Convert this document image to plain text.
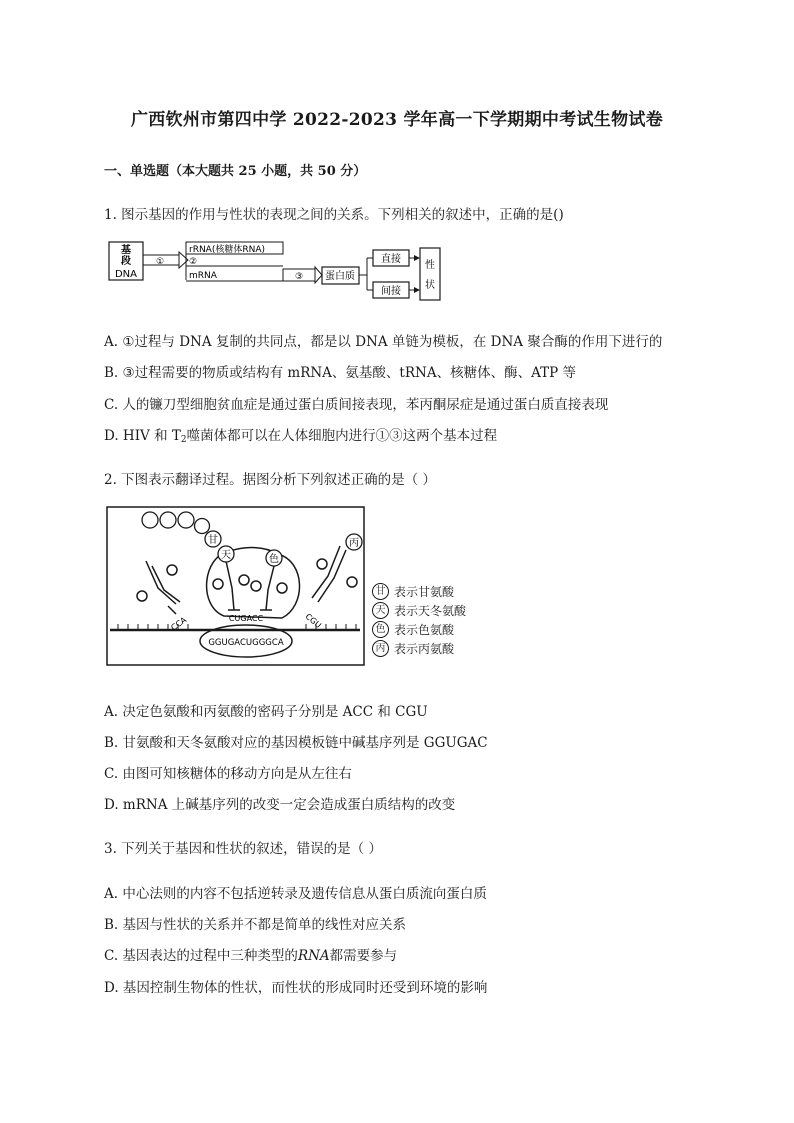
广西钦州市第四中学 2022-2023 学年高一下学期期中考试生物试卷
一、单选题（本大题共 25 小题，共 50 分）
1. 图示基因的作用与性状的表现之间的关系。下列相关的叙述中，正确的是()
基
段
DNA
①
rRNA(核糖体RNA)
②
mRNA	③ 蛋白质
直接
间接
性
状
A. ①过程与 DNA 复制的共同点，都是以 DNA 单链为模板，在 DNA 聚合酶的作用下进行的
B. ③过程需要的物质或结构有 mRNA、氨基酸、tRNA、核糖体、酶、ATP 等
C. 人的镰刀型细胞贫血症是通过蛋白质间接表现，苯丙酮尿症是通过蛋白质直接表现
D. HIV 和 $T_2$噬菌体都可以在人体细胞内进行①③这两个基本过程
2. 下图表示翻译过程。据图分析下列叙述正确的是（ ）
CCA
甘
天	色
CUGACC
GGUGACUGGGCA
丙
CGU
甘 表示甘氨酸
天 表示天冬氨酸
色 表示色氨酸
丙 表示丙氨酸
A. 决定色氨酸和丙氨酸的密码子分别是 ACC 和 CGU
B. 甘氨酸和天冬氨酸对应的基因模板链中碱基序列是 GGUGAC
C. 由图可知核糖体的移动方向是从左往右
D. mRNA 上碱基序列的改变一定会造成蛋白质结构的改变
3. 下列关于基因和性状的叙述，错误的是（ ）
A. 中心法则的内容不包括逆转录及遗传信息从蛋白质流向蛋白质
B. 基因与性状的关系并不都是简单的线性对应关系
C. 基因表达的过程中三种类型的RNA都需要参与
D. 基因控制生物体的性状，而性状的形成同时还受到环境的影响
